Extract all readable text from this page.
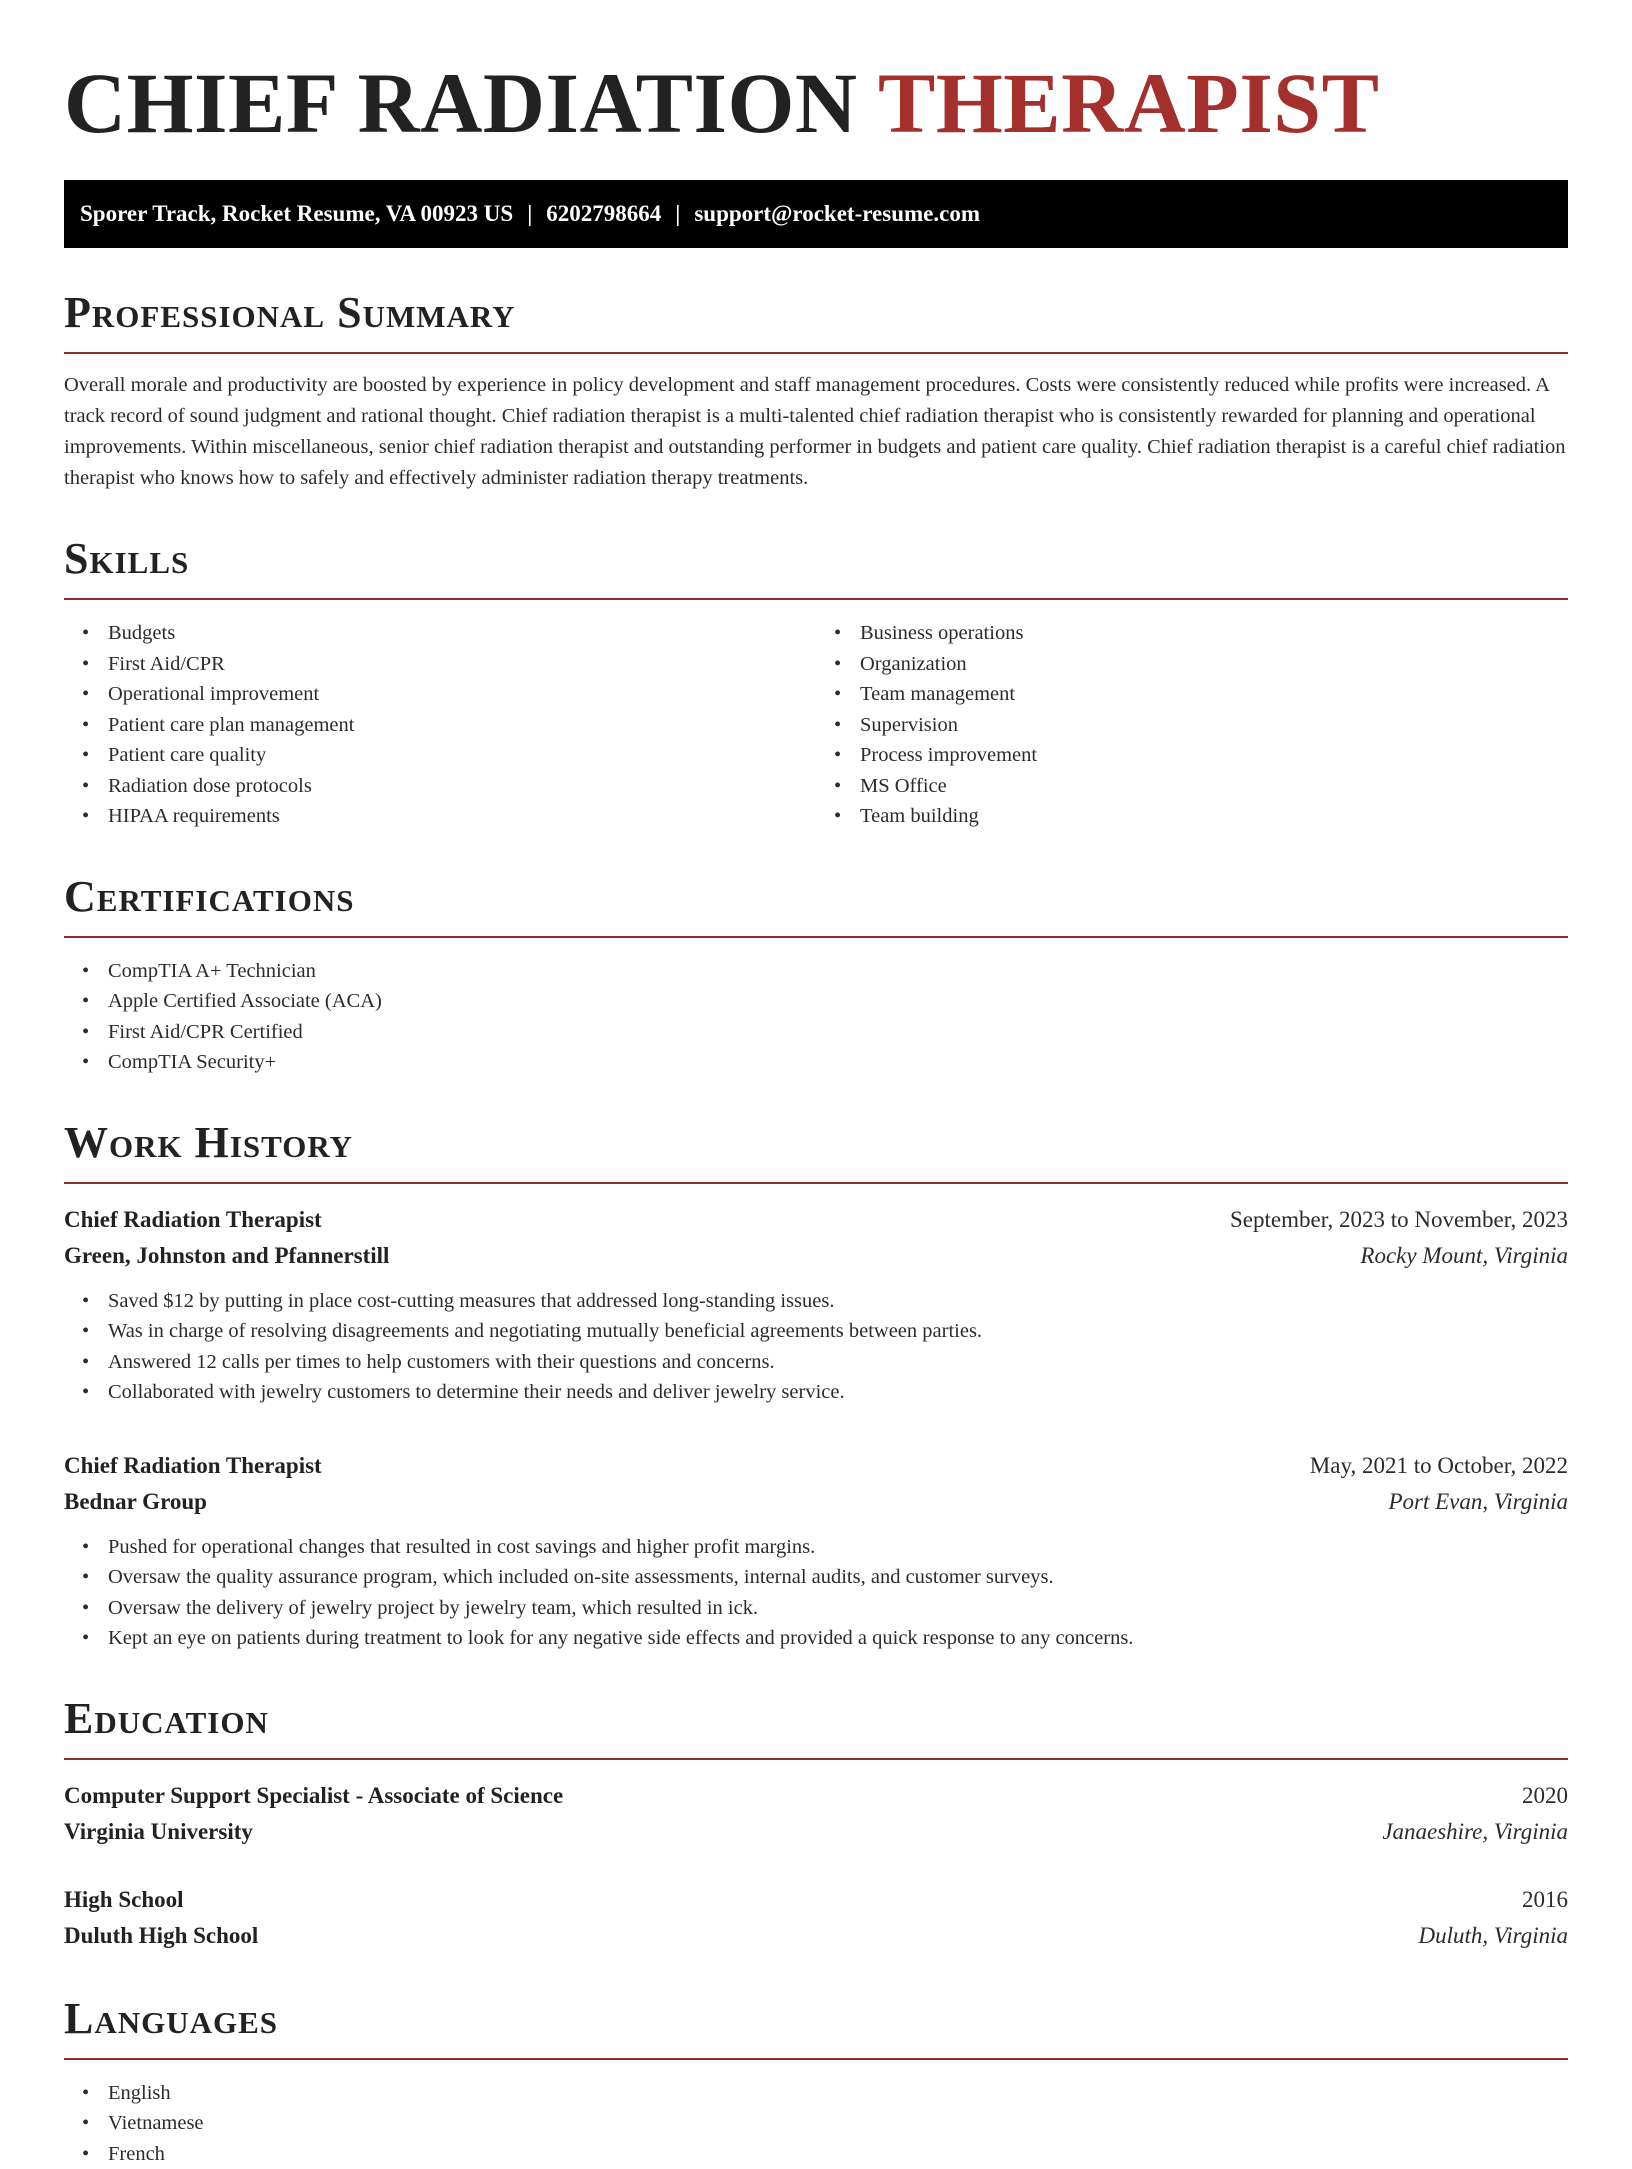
CHIEF RADIATION THERAPIST
Sporer Track, Rocket Resume, VA 00923 US | 6202798664 | support@rocket-resume.com
Professional Summary

Overall morale and productivity are boosted by experience in policy development and staff management procedures. Costs were consistently reduced while profits were increased. A track record of sound judgment and rational thought. Chief radiation therapist is a multi-talented chief radiation therapist who is consistently rewarded for planning and operational improvements. Within miscellaneous, senior chief radiation therapist and outstanding performer in budgets and patient care quality. Chief radiation therapist is a careful chief radiation therapist who knows how to safely and effectively administer radiation therapy treatments.

Skills
• Budgets
• First Aid/CPR
• Operational improvement
• Patient care plan management
• Patient care quality
• Radiation dose protocols
• HIPAA requirements
• Business operations
• Organization
• Team management
• Supervision
• Process improvement
• MS Office
• Team building
Certifications
• CompTIA A+ Technician
• Apple Certified Associate (ACA)
• First Aid/CPR Certified
• CompTIA Security+
Work History
Chief Radiation Therapist	September, 2023 to November, 2023
Green, Johnston and Pfannerstill	Rocky Mount, Virginia
• Saved $12 by putting in place cost-cutting measures that addressed long-standing issues.
• Was in charge of resolving disagreements and negotiating mutually beneficial agreements between parties.
• Answered 12 calls per times to help customers with their questions and concerns.
• Collaborated with jewelry customers to determine their needs and deliver jewelry service.
Chief Radiation Therapist	May, 2021 to October, 2022
Bednar Group	Port Evan, Virginia
• Pushed for operational changes that resulted in cost savings and higher profit margins.
• Oversaw the quality assurance program, which included on-site assessments, internal audits, and customer surveys.
• Oversaw the delivery of jewelry project by jewelry team, which resulted in ick.
• Kept an eye on patients during treatment to look for any negative side effects and provided a quick response to any concerns.
Education
Computer Support Specialist - Associate of Science	2020
Virginia University	Janaeshire, Virginia
High School	2016
Duluth High School	Duluth, Virginia
Languages
• English
• Vietnamese
• French
